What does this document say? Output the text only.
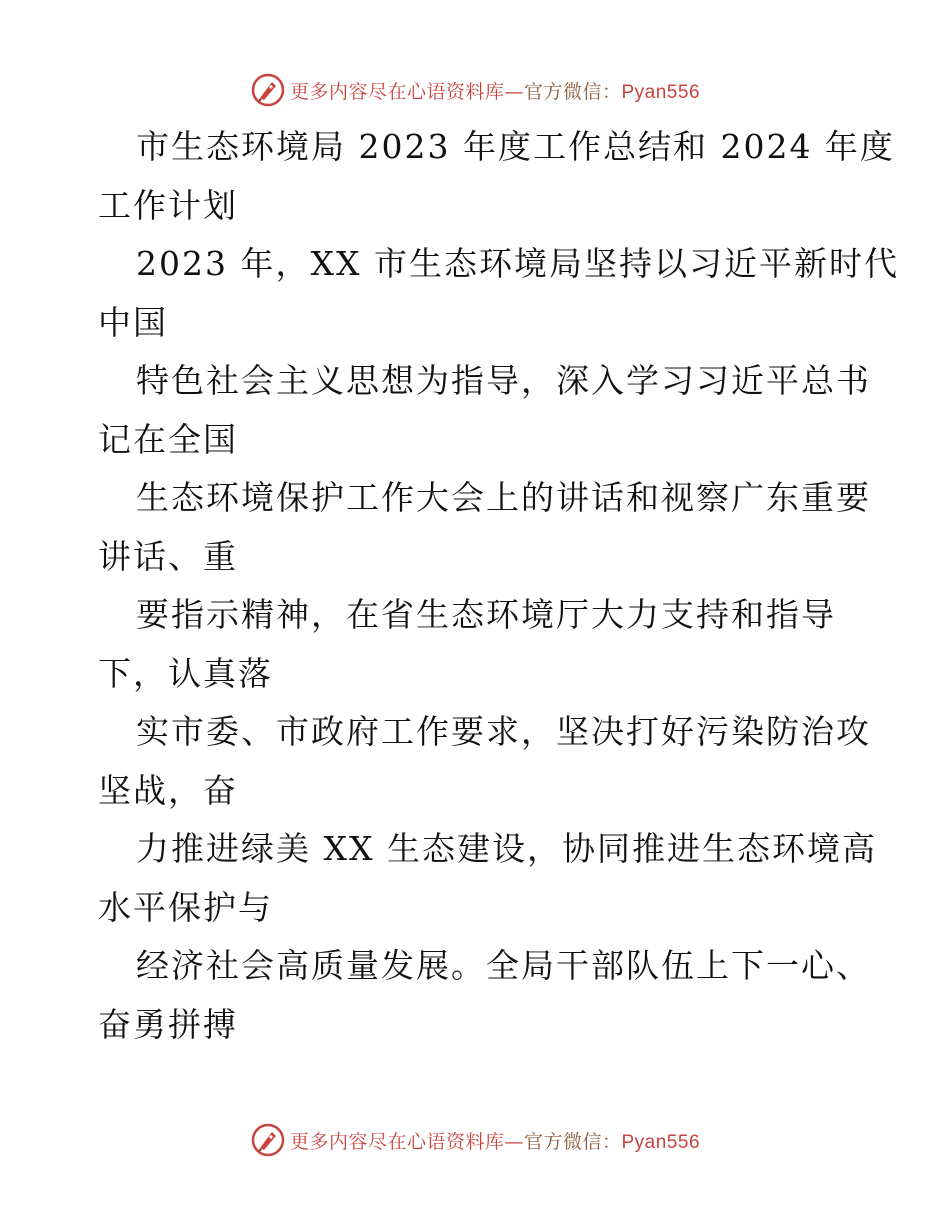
更多内容尽在心语资料库—官方微信：Pyan556
市生态环境局 2023 年度工作总结和 2024 年度
工作计划
2023 年，XX 市生态环境局坚持以习近平新时代
中国
特色社会主义思想为指导，深入学习习近平总书
记在全国
生态环境保护工作大会上的讲话和视察广东重要
讲话、重
要指示精神，在省生态环境厅大力支持和指导
下，认真落
实市委、市政府工作要求，坚决打好污染防治攻
坚战，奋
力推进绿美 XX 生态建设，协同推进生态环境高
水平保护与
经济社会高质量发展。全局干部队伍上下一心、
奋勇拼搏
更多内容尽在心语资料库—官方微信：Pyan556
